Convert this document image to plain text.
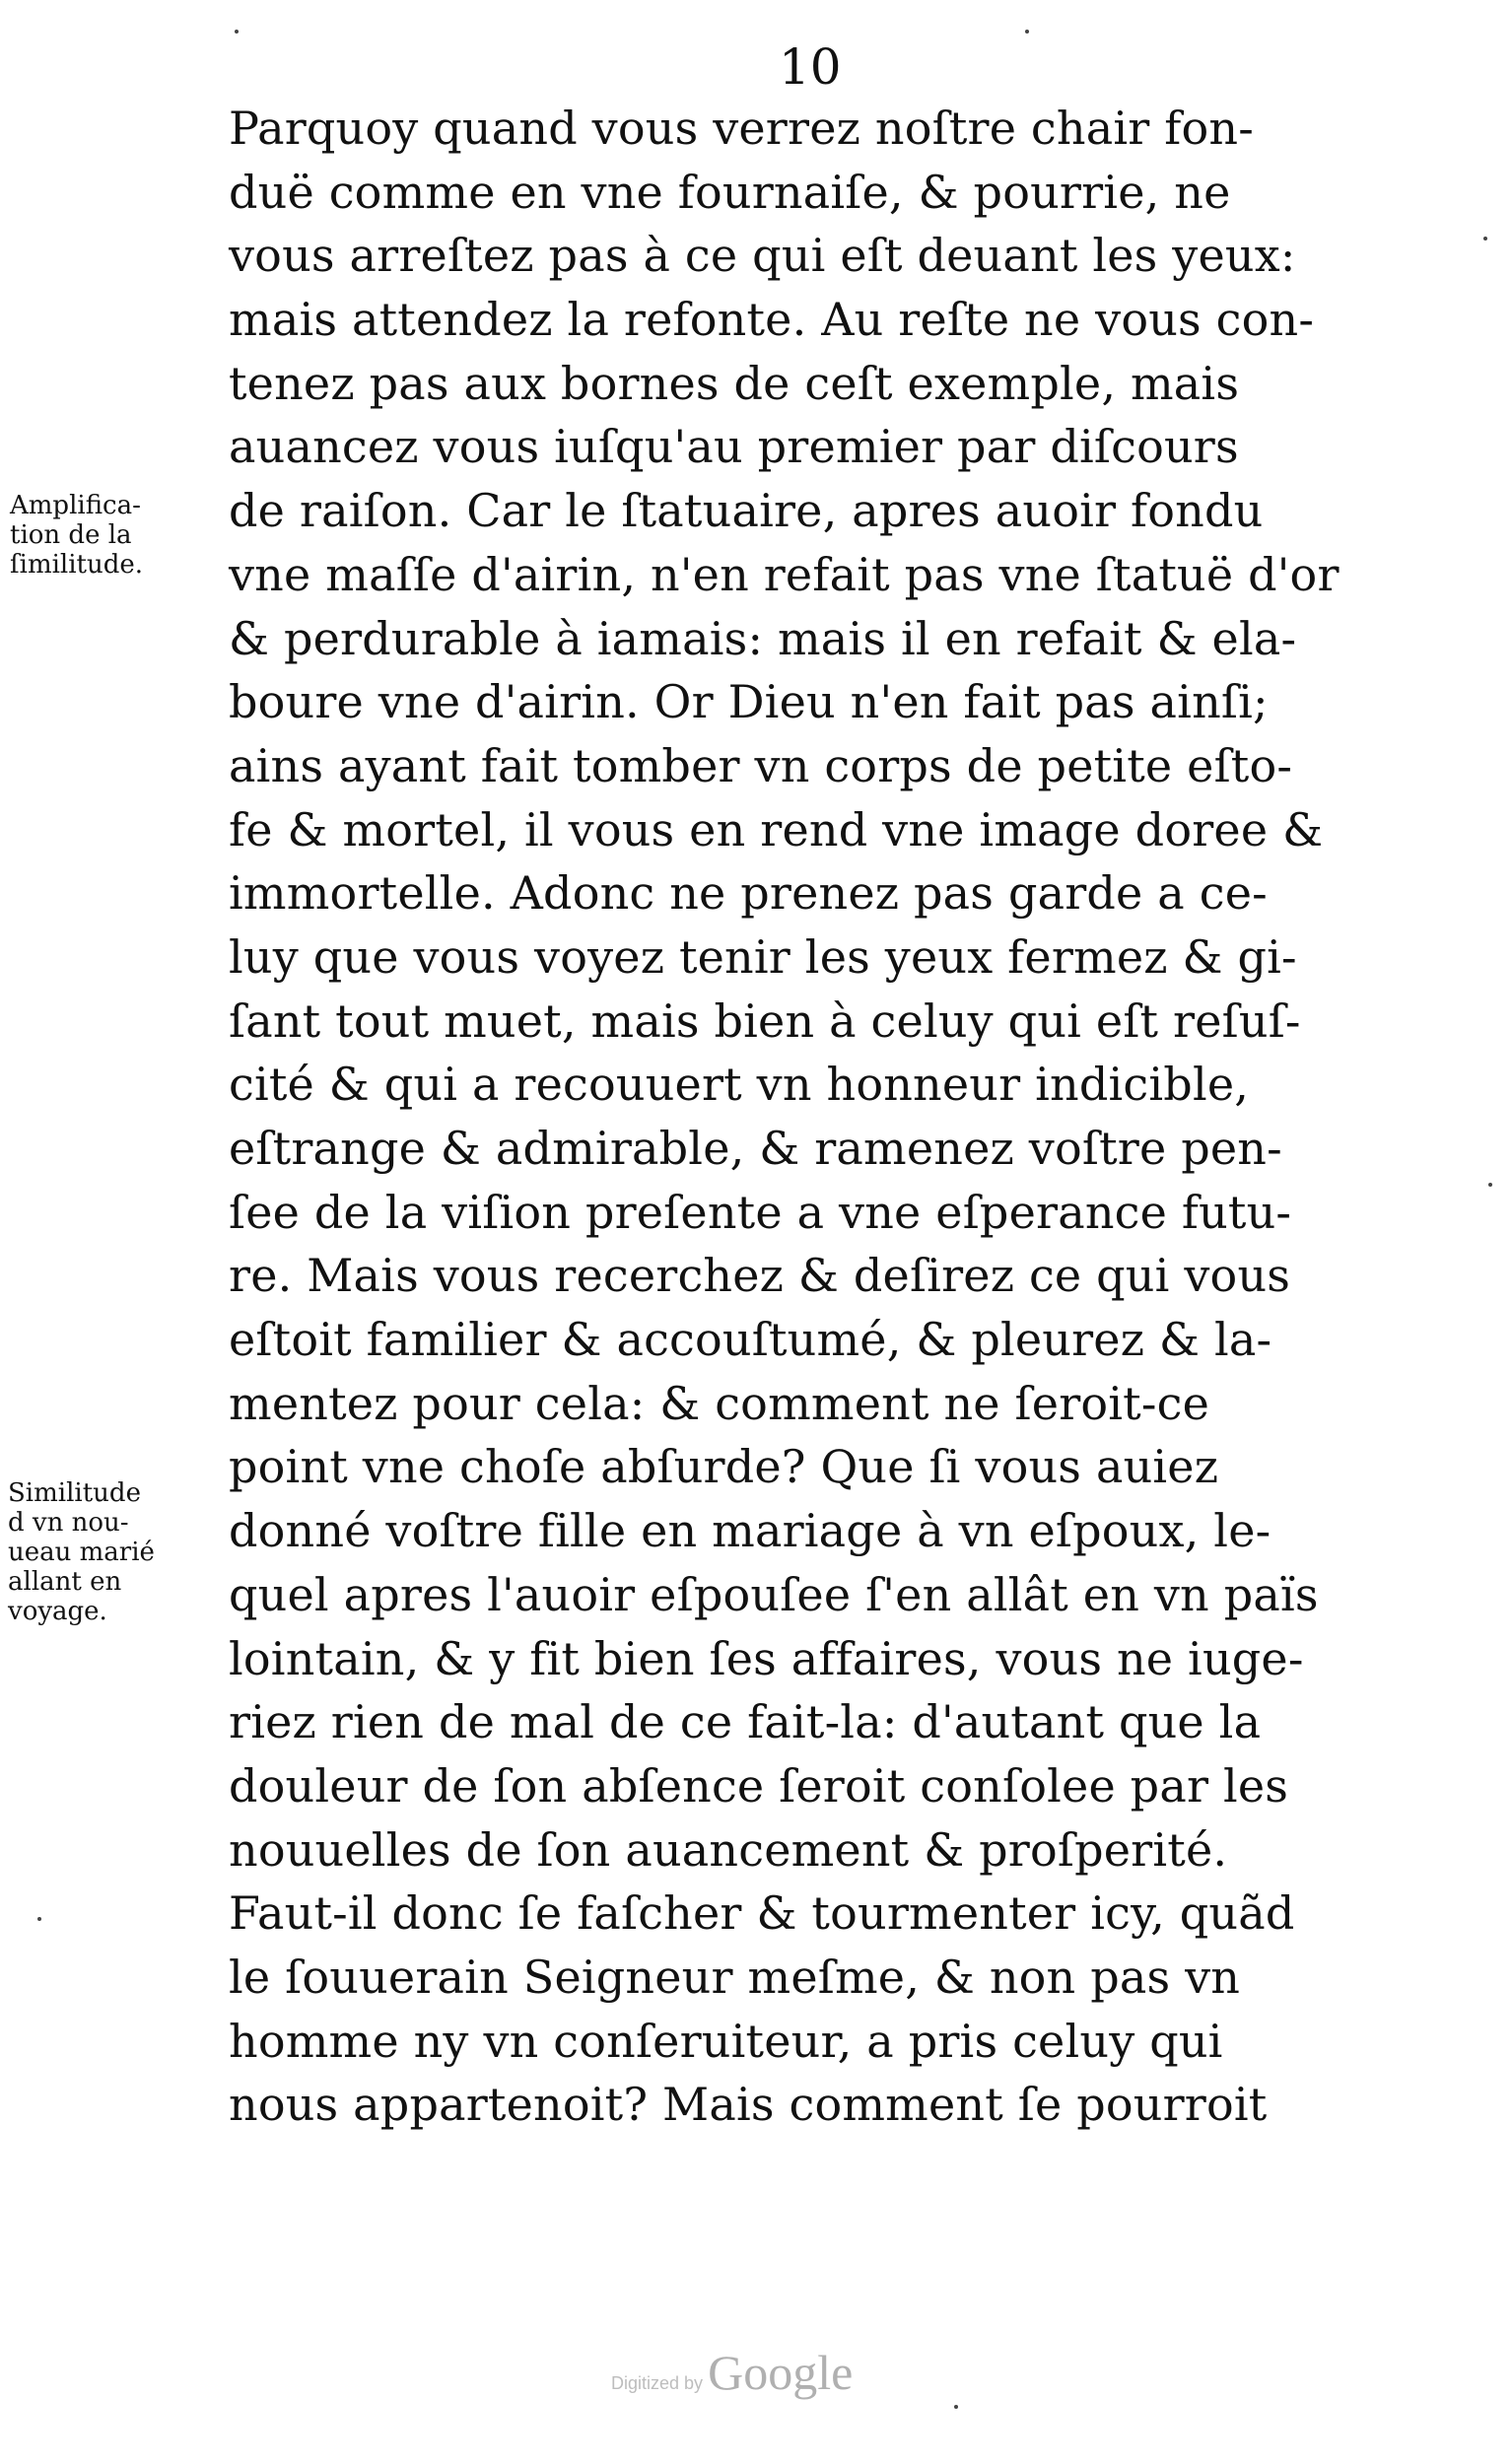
10
Amplifica-
tion de la
ſimilitude.
Similitude
d vn nou-
ueau marié
allant en
voyage.
Parquoy quand vous verrez noſtre chair fon-
duë comme en vne fournaiſe, & pourrie, ne
vous arreſtez pas à ce qui eſt deuant les yeux:
mais attendez la refonte. Au reſte ne vous con-
tenez pas aux bornes de ceſt exemple, mais
auancez vous iuſqu'au premier par diſcours
de raiſon. Car le ſtatuaire, apres auoir fondu
vne maſſe d'airin, n'en refait pas vne ſtatuë d'or
& perdurable à iamais: mais il en refait & ela-
boure vne d'airin. Or Dieu n'en fait pas ainſi;
ains ayant fait tomber vn corps de petite eſto-
fe & mortel, il vous en rend vne image doree &
immortelle. Adonc ne prenez pas garde a ce-
luy que vous voyez tenir les yeux fermez & gi-
ſant tout muet, mais bien à celuy qui eſt reſuſ-
cité & qui a recouuert vn honneur indicible,
eſtrange & admirable, & ramenez voſtre pen-
ſee de la viſion preſente a vne eſperance futu-
re. Mais vous recerchez & deſirez ce qui vous
eſtoit familier & accouſtumé, & pleurez & la-
mentez pour cela: & comment ne ſeroit-ce
point vne choſe abſurde? Que ſi vous auiez
donné voſtre fille en mariage à vn eſpoux, le-
quel apres l'auoir eſpouſee ſ'en allât en vn païs
lointain, & y fit bien ſes affaires, vous ne iuge-
riez rien de mal de ce fait-la: d'autant que la
douleur de ſon abſence ſeroit conſolee par les
nouuelles de ſon auancement & proſperité.
Faut-il donc ſe faſcher & tourmenter icy, quãd
le ſouuerain Seigneur meſme, & non pas vn
homme ny vn conſeruiteur, a pris celuy qui
nous appartenoit? Mais comment ſe pourroit
Digitized by Google
